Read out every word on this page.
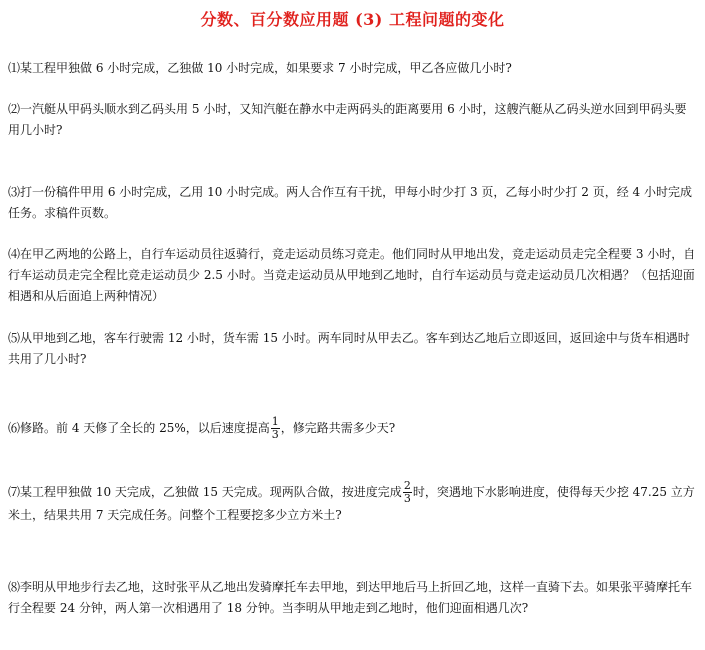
分数、百分数应用题 (3) 工程问题的变化

⑴某工程甲独做 6 小时完成，乙独做 10 小时完成，如果要求 7 小时完成，甲乙各应做几小时?

⑵一汽艇从甲码头顺水到乙码头用 5 小时，又知汽艇在静水中走两码头的距离要用 6 小时，这艘汽艇从乙码头逆水回到甲码头要用几小时?

⑶打一份稿件甲用 6 小时完成，乙用 10 小时完成。两人合作互有干扰，甲每小时少打 3 页，乙每小时少打 2 页，经 4 小时完成任务。求稿件页数。

⑷在甲乙两地的公路上，自行车运动员往返骑行，竞走运动员练习竞走。他们同时从甲地出发，竞走运动员走完全程要 3 小时，自行车运动员走完全程比竞走运动员少 2.5 小时。当竞走运动员从甲地到乙地时，自行车运动员与竞走运动员几次相遇？（包括迎面相遇和从后面追上两种情况）

⑸从甲地到乙地，客车行驶需 12 小时，货车需 15 小时。两车同时从甲去乙。客车到达乙地后立即返回，返回途中与货车相遇时共用了几小时?

⑹修路。前 4 天修了全长的 25%，以后速度提高 $\frac{1}{3}$ ，修完路共需多少天?

⑺某工程甲独做 10 天完成，乙独做 15 天完成。现两队合做，按进度完成 $\frac{2}{3}$ 时，突遇地下水影响进度，使得每天少挖 47.25 立方米土，结果共用 7 天完成任务。问整个工程要挖多少立方米土?

⑻李明从甲地步行去乙地，这时张平从乙地出发骑摩托车去甲地，到达甲地后马上折回乙地，这样一直骑下去。如果张平骑摩托车行全程要 24 分钟，两人第一次相遇用了 18 分钟。当李明从甲地走到乙地时，他们迎面相遇几次?
